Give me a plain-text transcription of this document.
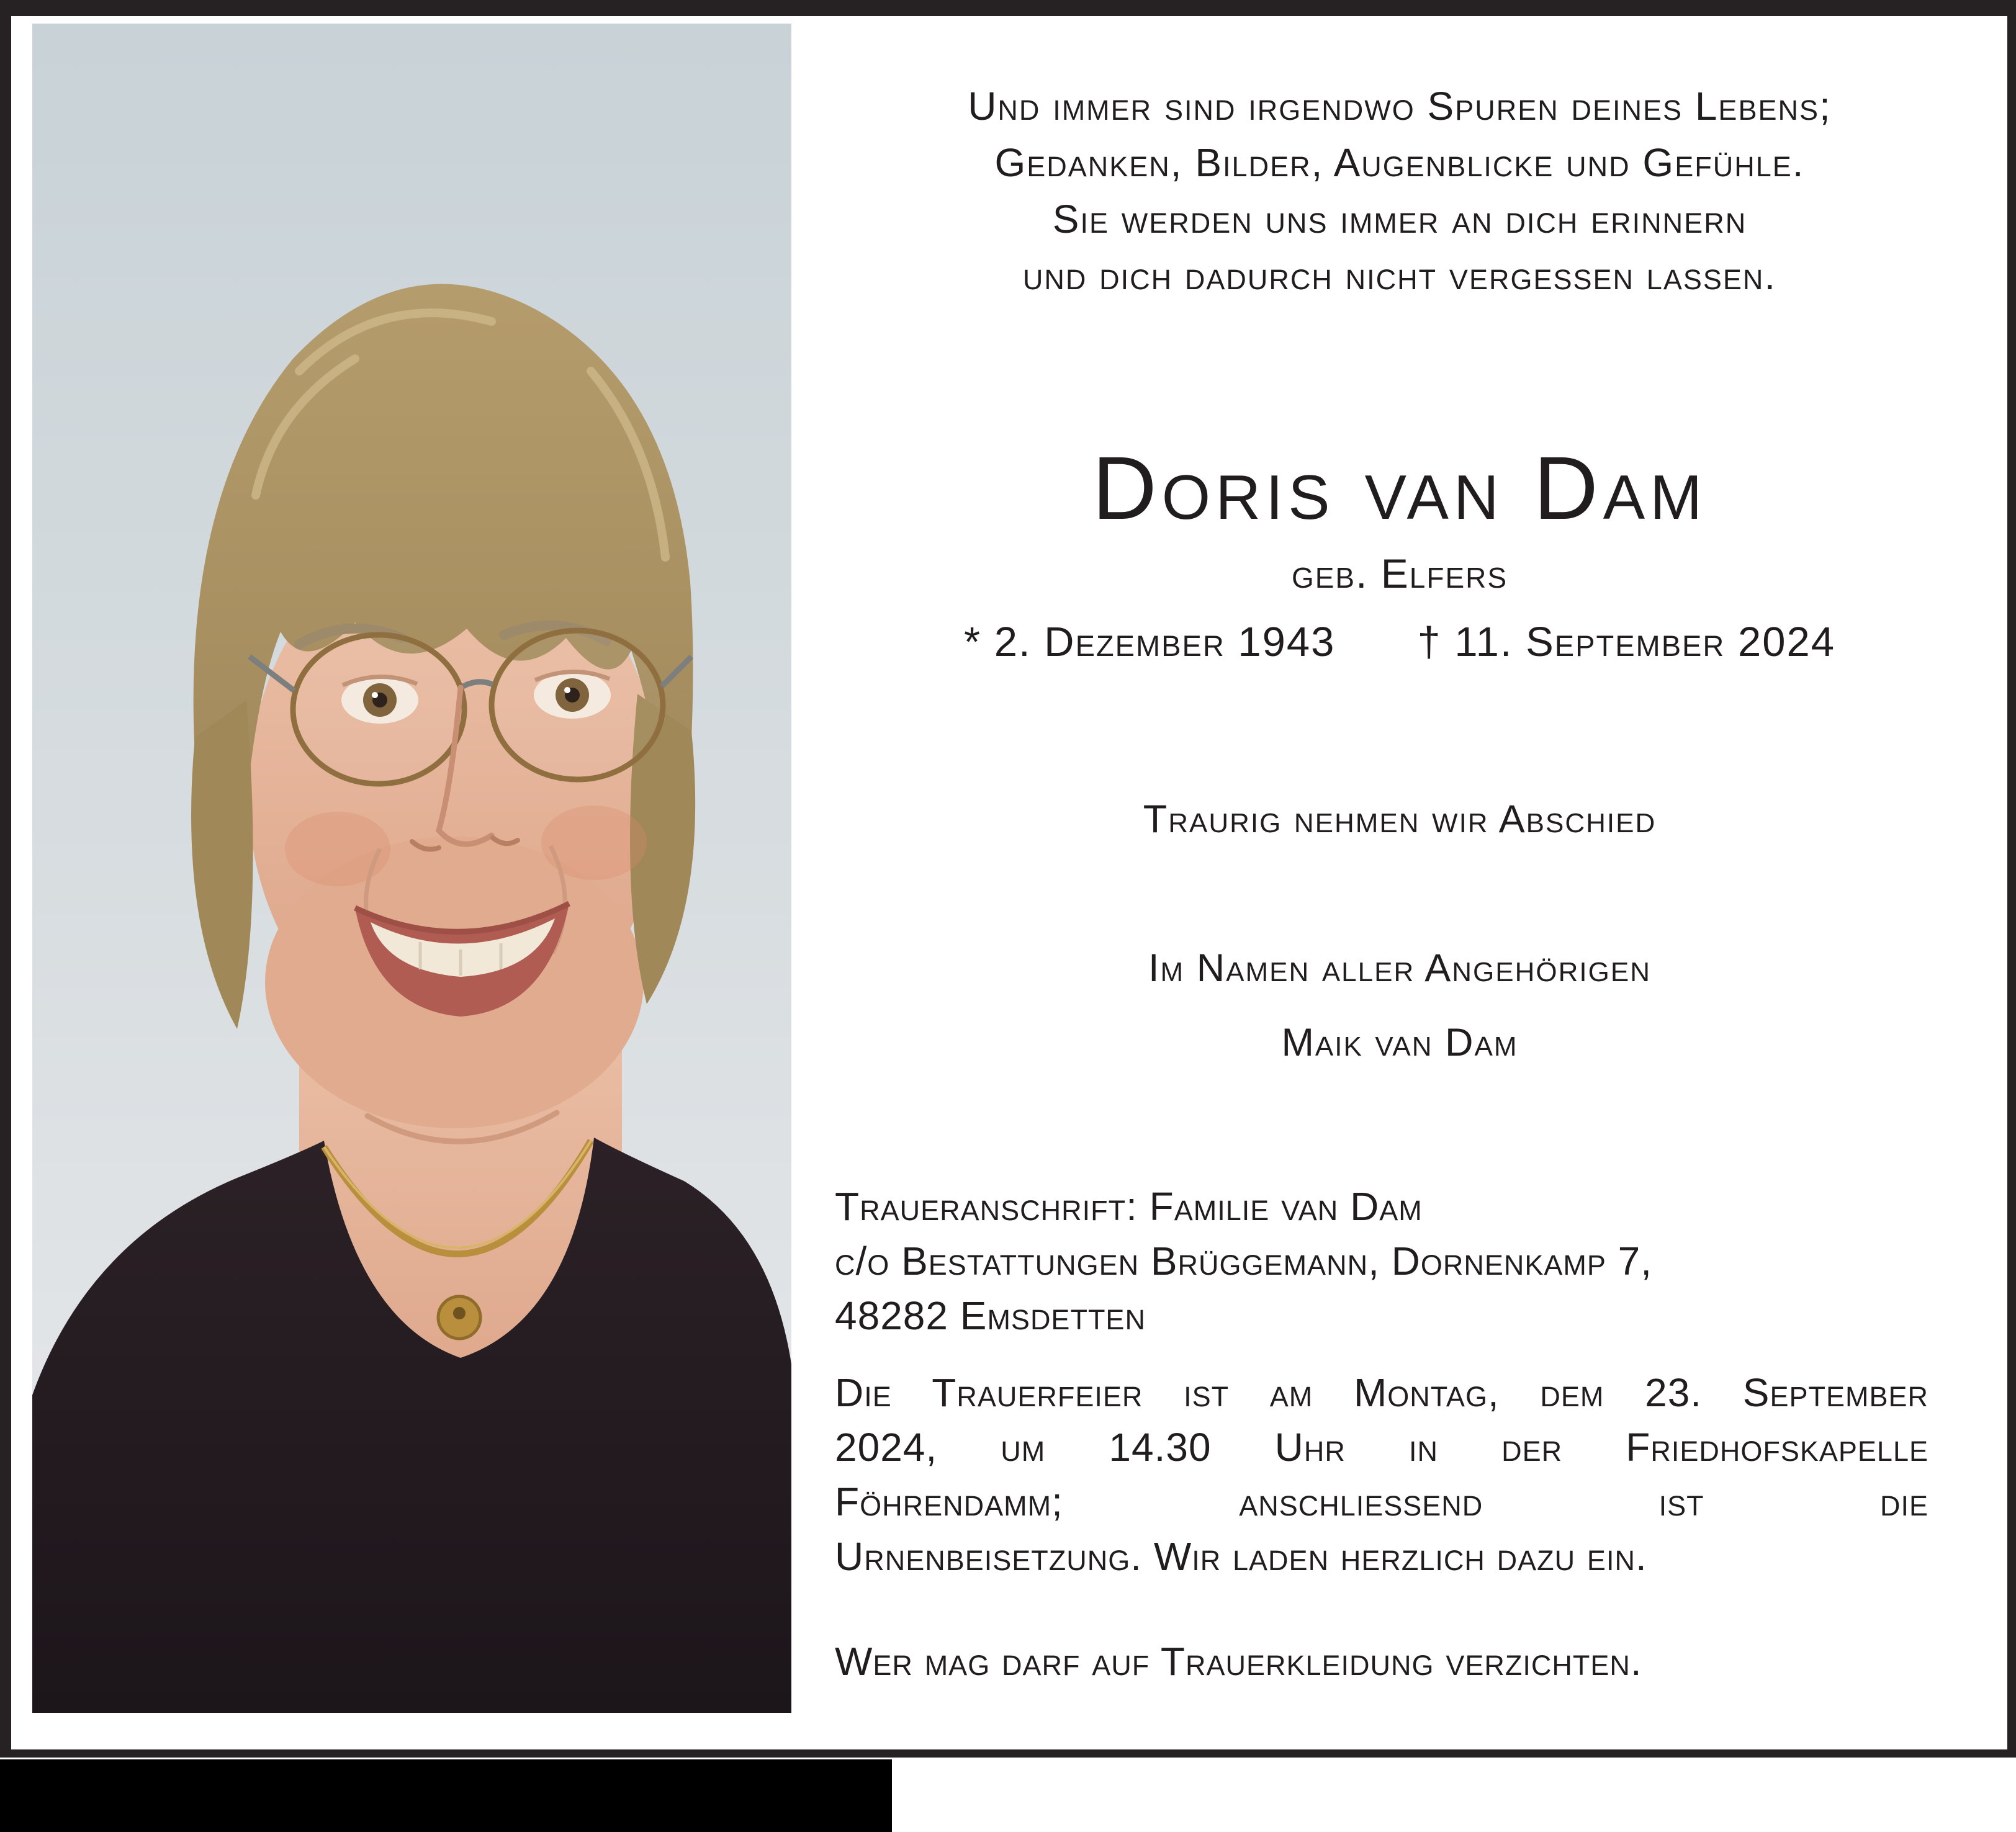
Und immer sind irgendwo Spuren deines Lebens;
Gedanken, Bilder, Augenblicke und Gefühle.
Sie werden uns immer an dich erinnern
und dich dadurch nicht vergessen lassen.
Doris van Dam
geb. Elfers
* 2. Dezember 1943 † 11. September 2024
Traurig nehmen wir Abschied
Im Namen aller Angehörigen
Maik van Dam
Traueranschrift: Familie van Dam
c/o Bestattungen Brüggemann, Dornenkamp 7,
48282 Emsdetten
Die Trauerfeier ist am Montag, dem 23. September
2024, um 14.30 Uhr in der Friedhofskapelle
Föhrendamm; anschliessend ist die
Urnenbeisetzung. Wir laden herzlich dazu ein.
Wer mag darf auf Trauerkleidung verzichten.
